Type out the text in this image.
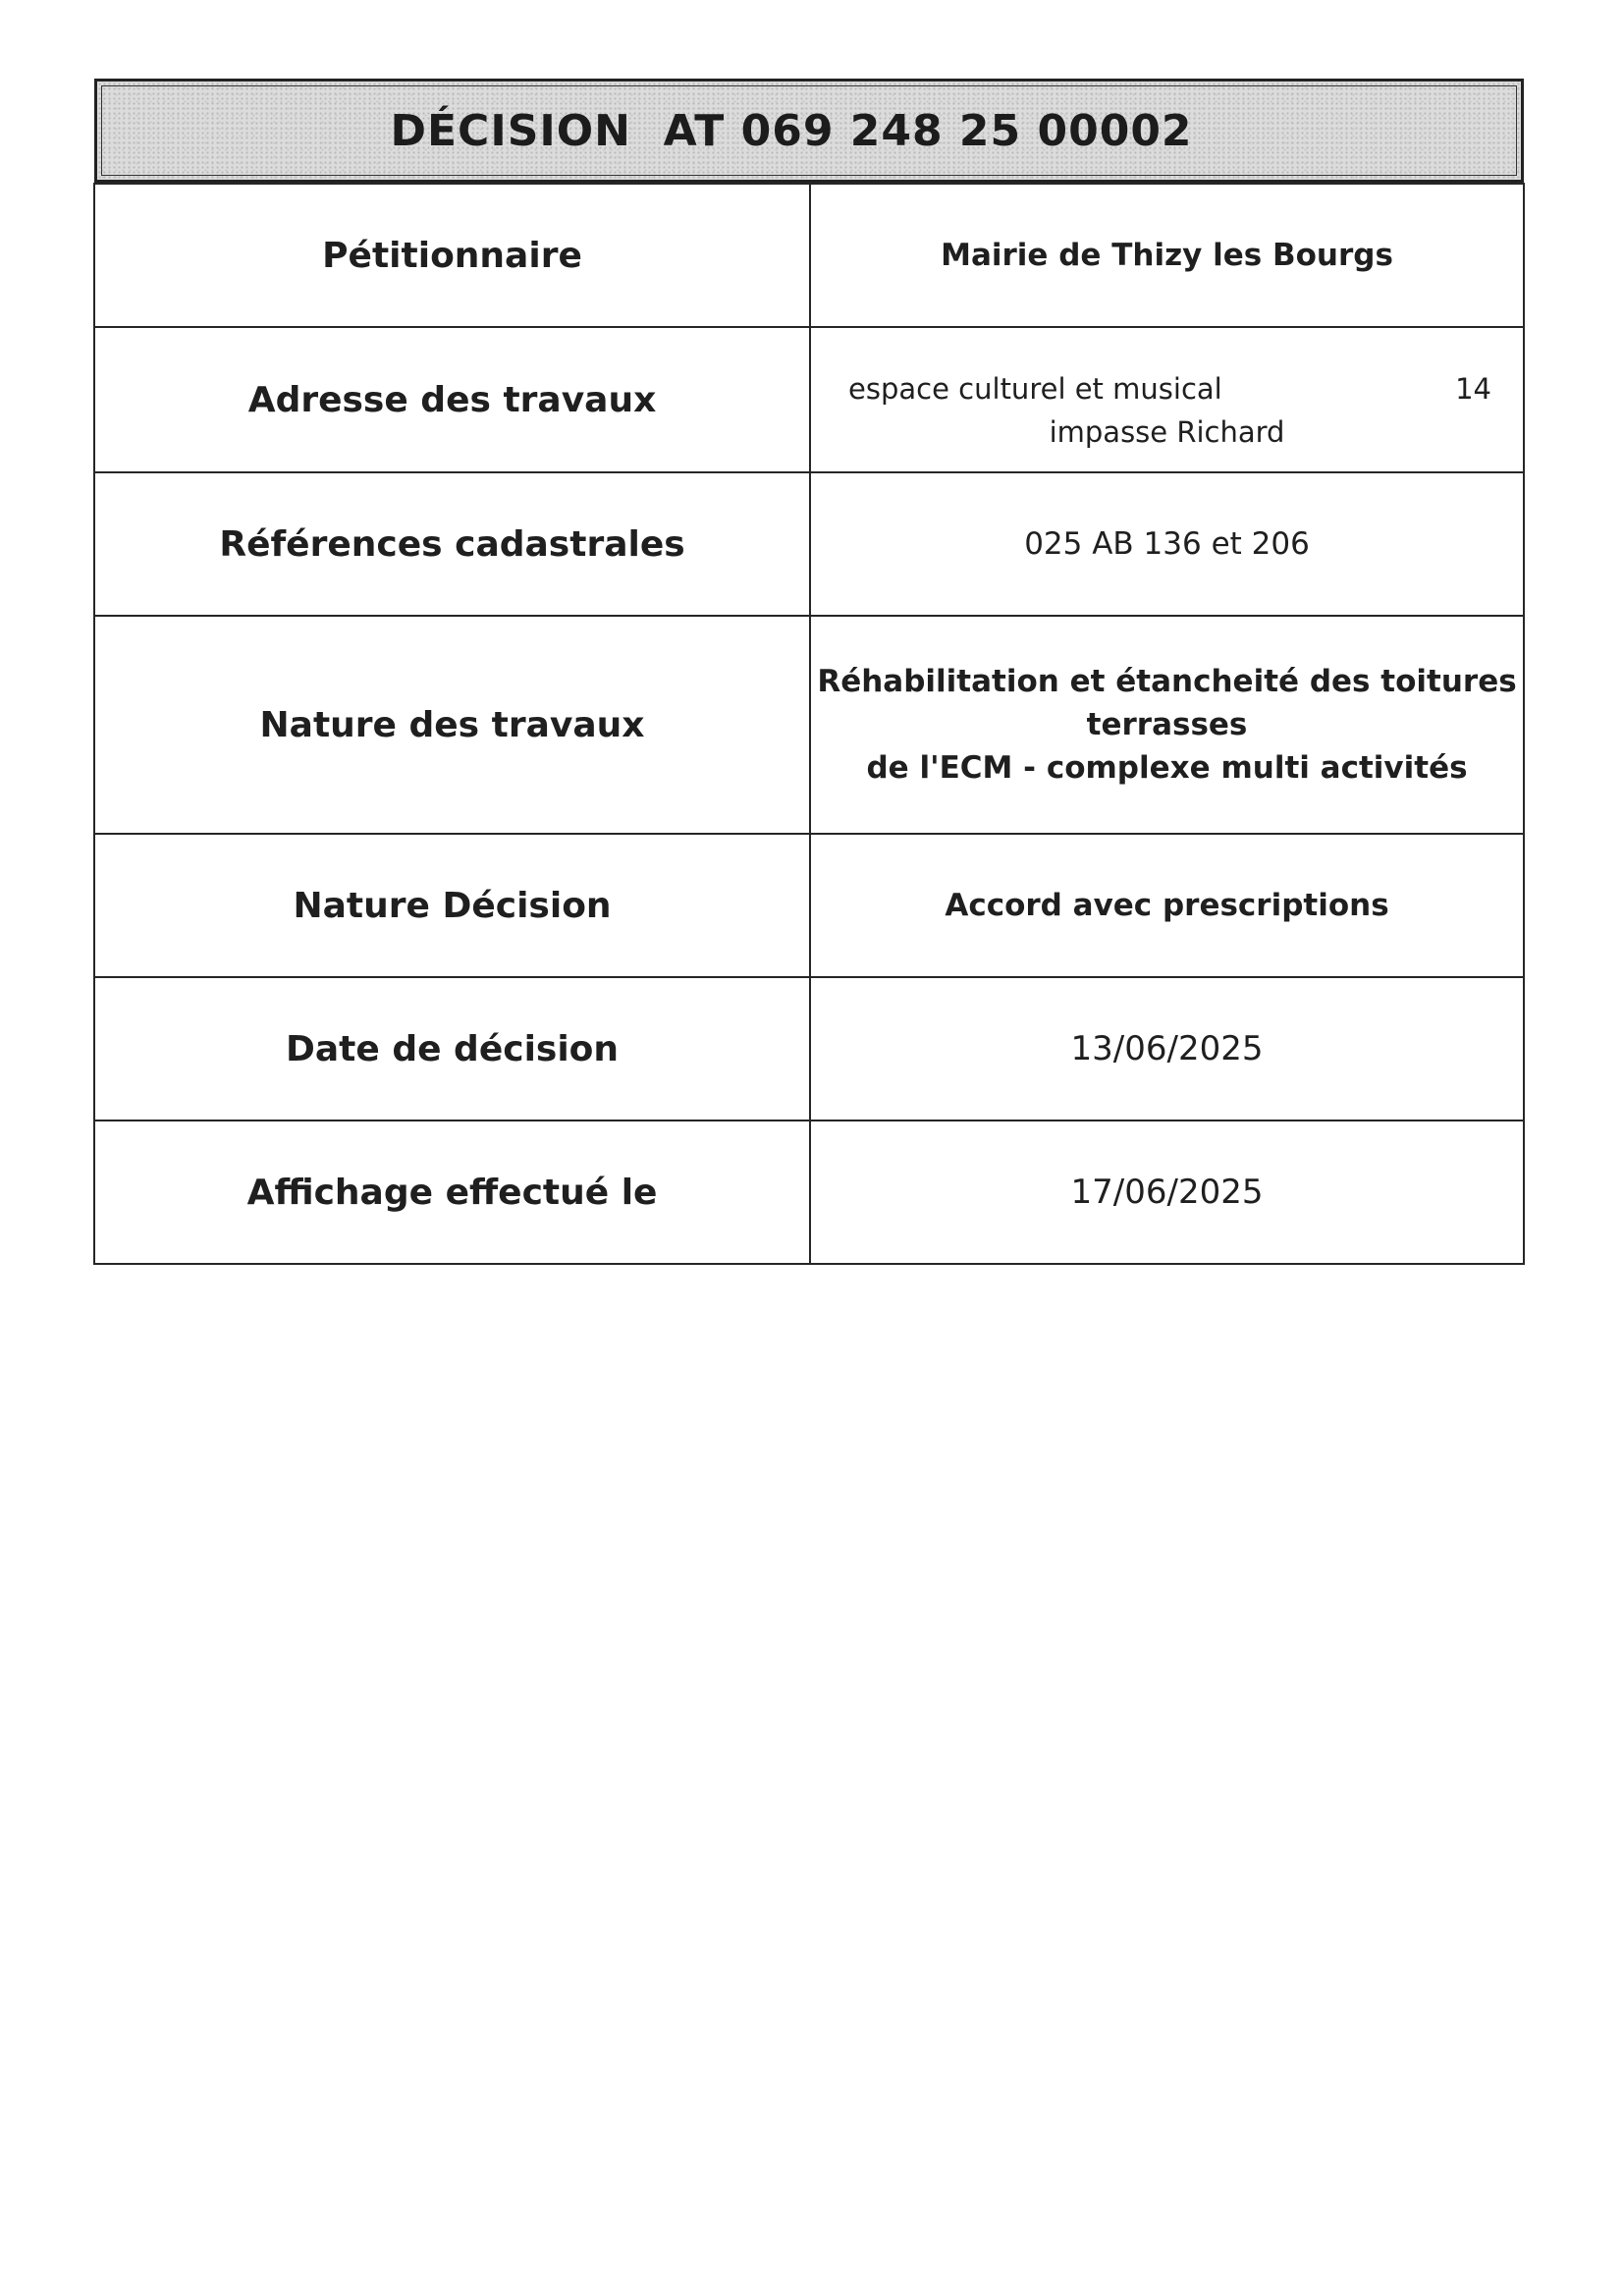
DÉCISION  AT 069 248 25 00002
Pétitionnaire	Mairie de Thizy les Bourgs
Adresse des travaux	espace culturel et musical 14
impasse Richard

Références cadastrales	025 AB 136 et 206
Nature des travaux	Réhabilitation et étancheité des toitures terrasses
de l'ECM - complexe multi activités

Nature Décision	Accord avec prescriptions
Date de décision	13/06/2025
Affichage effectué le	17/06/2025
